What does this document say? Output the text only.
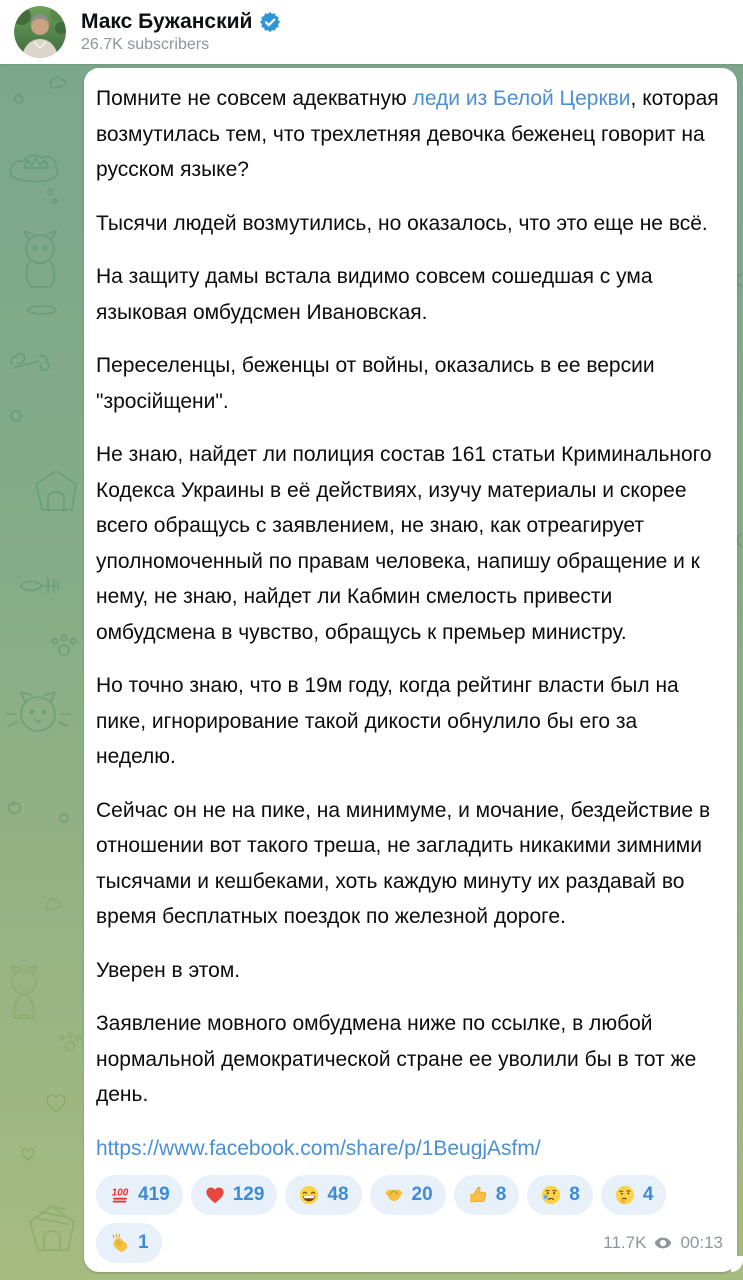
Макс Бужанский
26.7K subscribers

Помните не совсем адекватную леди из Белой Церкви, которая возмутилась тем, что трехлетняя девочка беженец говорит на русском языке?

Тысячи людей возмутились, но оказалось, что это еще не всё.

На защиту дамы встала видимо совсем сошедшая с ума языковая омбудсмен Ивановская.

Переселенцы, беженцы от войны, оказались в ее версии "зросійщени".

Не знаю, найдет ли полиция состав 161 статьи Криминального Кодекса Украины в её действиях, изучу материалы и скорее всего обращусь с заявлением, не знаю, как отреагирует уполномоченный по правам человека, напишу обращение и к нему, не знаю, найдет ли Кабмин смелость привести омбудсмена в чувство, обращусь к премьер министру.

Но точно знаю, что в 19м году, когда рейтинг власти был на пике, игнорирование такой дикости обнулило бы его за неделю.

Сейчас он не на пике, на минимуме, и мочание, бездействие в отношении вот такого треша, не загладить никакими зимними тысячами и кешбеками, хоть каждую минуту их раздавай во время бесплатных поездок по железной дороге.

Уверен в этом.

Заявление мовного омбудмена ниже по ссылке, в любой нормальной демократической стране ее уволили бы в тот же день.

https://www.facebook.com/share/p/1BeugjAsfm/

100 419	129	48	20	8	8	4
1	11.7K 00:13
